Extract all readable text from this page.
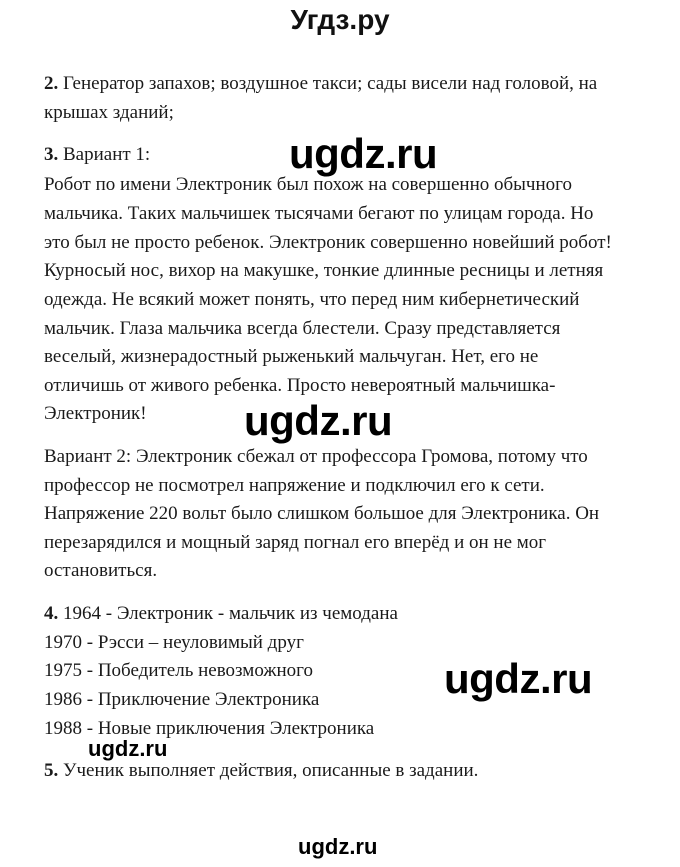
Угдз.ру
2. Генератор запахов; воздушное такси; сады висели над головой, на
крышах зданий;
3. Вариант 1:
Робот по имени Электроник был похож на совершенно обычного
мальчика. Таких мальчишек тысячами бегают по улицам города. Но
это был не просто ребенок. Электроник совершенно новейший робот!
Курносый нос, вихор на макушке, тонкие длинные ресницы и летняя
одежда. Не всякий может понять, что перед ним кибернетический
мальчик. Глаза мальчика всегда блестели. Сразу представляется
веселый, жизнерадостный рыженький мальчуган. Нет, его не
отличишь от живого ребенка. Просто невероятный мальчишка-
Электроник!
Вариант 2: Электроник сбежал от профессора Громова, потому что
профессор не посмотрел напряжение и подключил его к сети.
Напряжение 220 вольт было слишком большое для Электроника. Он
перезарядился и мощный заряд погнал его вперёд и он не мог
остановиться.
4. 1964 - Электроник - мальчик из чемодана
1970 - Рэсси – неуловимый друг
1975 - Победитель невозможного
1986 - Приключение Электроника
1988 - Новые приключения Электроника
5. Ученик выполняет действия, описанные в задании.
ugdz.ru
ugdz.ru
ugdz.ru
ugdz.ru
ugdz.ru
